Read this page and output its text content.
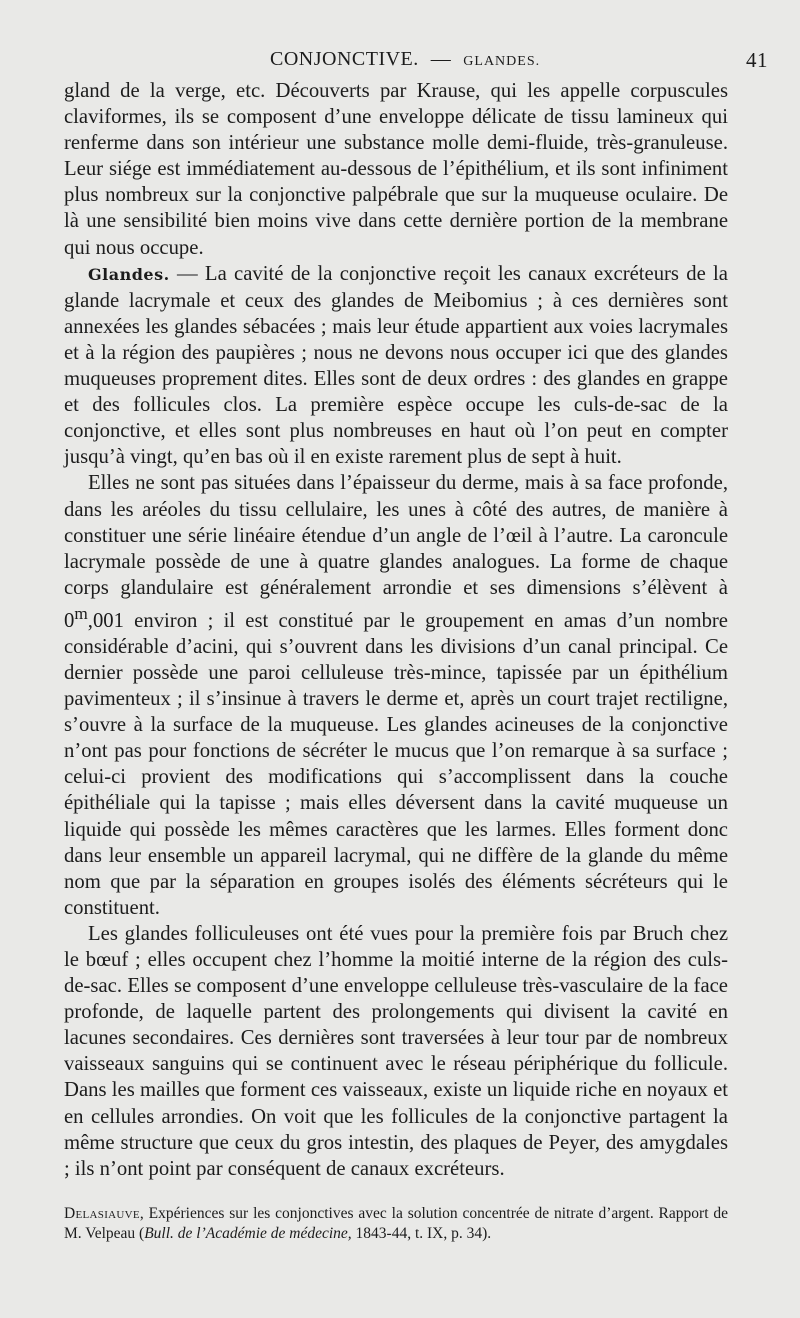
CONJONCTIVE. — GLANDES.	41

gland de la verge, etc. Découverts par Krause, qui les appelle corpuscules claviformes, ils se composent d’une enveloppe délicate de tissu lamineux qui renferme dans son intérieur une substance molle demi-fluide, très-granuleuse. Leur siége est immédiatement au-dessous de l’épithélium, et ils sont infiniment plus nombreux sur la conjonctive palpébrale que sur la muqueuse oculaire. De là une sensibilité bien moins vive dans cette dernière portion de la membrane qui nous occupe.

Glandes. — La cavité de la conjonctive reçoit les canaux excréteurs de la glande lacrymale et ceux des glandes de Meibomius ; à ces dernières sont annexées les glandes sébacées ; mais leur étude appartient aux voies lacrymales et à la région des paupières ; nous ne devons nous occuper ici que des glandes muqueuses proprement dites. Elles sont de deux ordres : des glandes en grappe et des follicules clos. La première espèce occupe les culs-de-sac de la conjonctive, et elles sont plus nombreuses en haut où l’on peut en compter jusqu’à vingt, qu’en bas où il en existe rarement plus de sept à huit.

Elles ne sont pas situées dans l’épaisseur du derme, mais à sa face profonde, dans les aréoles du tissu cellulaire, les unes à côté des autres, de manière à constituer une série linéaire étendue d’un angle de l’œil à l’autre. La caroncule lacrymale possède de une à quatre glandes analogues. La forme de chaque corps glandulaire est généralement arrondie et ses dimensions s’élèvent à 0$^m$,001 environ ; il est constitué par le groupement en amas d’un nombre considérable d’acini, qui s’ouvrent dans les divisions d’un canal principal. Ce dernier possède une paroi celluleuse très-mince, tapissée par un épithélium pavimenteux ; il s’insinue à travers le derme et, après un court trajet rectiligne, s’ouvre à la surface de la muqueuse. Les glandes acineuses de la conjonctive n’ont pas pour fonctions de sécréter le mucus que l’on remarque à sa surface ; celui-ci provient des modifications qui s’accomplissent dans la couche épithéliale qui la tapisse ; mais elles déversent dans la cavité muqueuse un liquide qui possède les mêmes caractères que les larmes. Elles forment donc dans leur ensemble un appareil lacrymal, qui ne diffère de la glande du même nom que par la séparation en groupes isolés des éléments sécréteurs qui le constituent.

Les glandes folliculeuses ont été vues pour la première fois par Bruch chez le bœuf ; elles occupent chez l’homme la moitié interne de la région des culs-de-sac. Elles se composent d’une enveloppe celluleuse très-vasculaire de la face profonde, de laquelle partent des prolongements qui divisent la cavité en lacunes secondaires. Ces dernières sont traversées à leur tour par de nombreux vaisseaux sanguins qui se continuent avec le réseau périphérique du follicule. Dans les mailles que forment ces vaisseaux, existe un liquide riche en noyaux et en cellules arrondies. On voit que les follicules de la conjonctive partagent la même structure que ceux du gros intestin, des plaques de Peyer, des amygdales ; ils n’ont point par conséquent de canaux excréteurs.

Delasiauve, Expériences sur les conjonctives avec la solution concentrée de nitrate d’argent. Rapport de M. Velpeau (Bull. de l’Académie de médecine, 1843-44, t. IX, p. 34).
